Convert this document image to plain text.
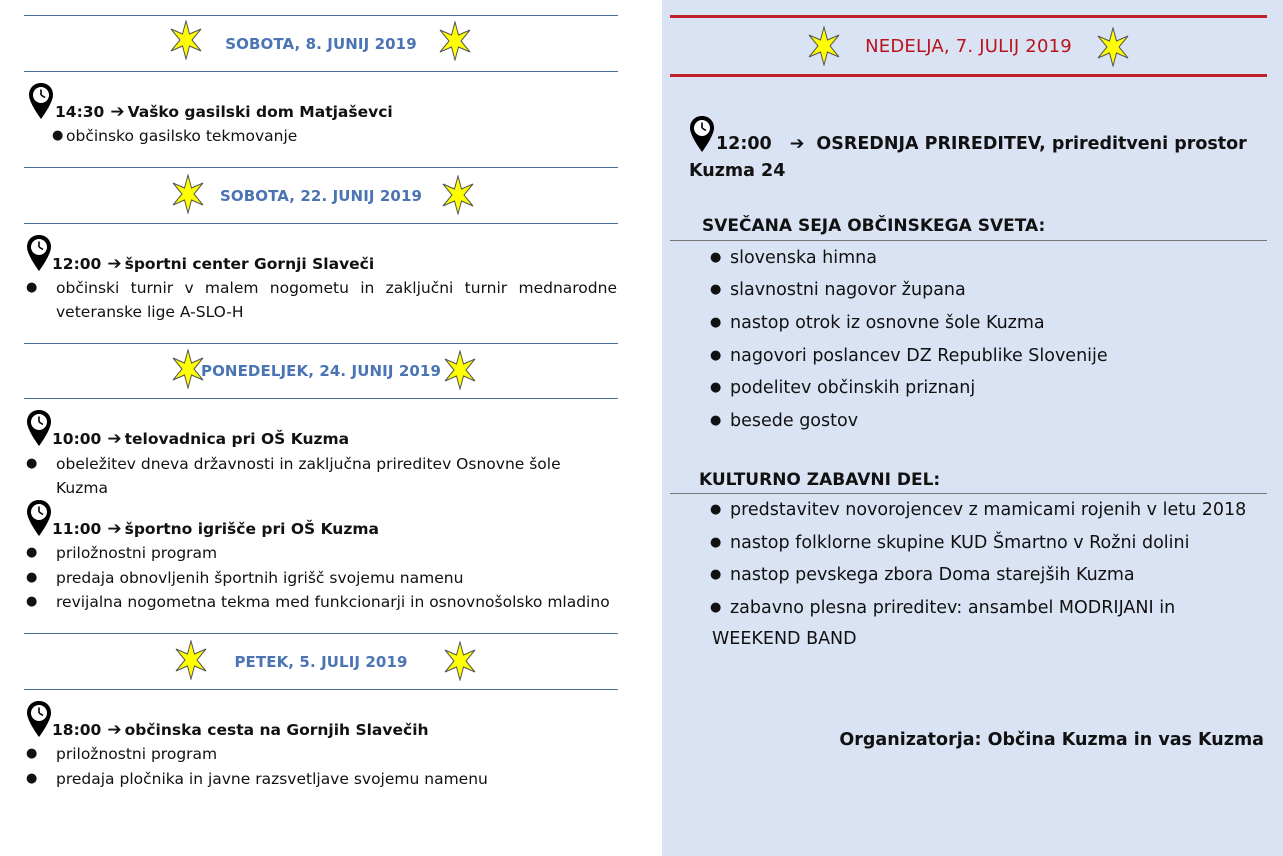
SOBOTA, 8. JUNIJ 2019
14:30 ➔ Vaško gasilski dom Matjaševci
● občinsko gasilsko tekmovanje
SOBOTA, 22. JUNIJ 2019
12:00 ➔ športni center Gornji Slaveči
● občinski turnir v malem nogometu in zaključni turnir mednarodne veteranske lige A-SLO-H
PONEDELJEK, 24. JUNIJ 2019
10:00 ➔ telovadnica pri OŠ Kuzma
● obeležitev dneva državnosti in zaključna prireditev Osnovne šole Kuzma
11:00 ➔ športno igrišče pri OŠ Kuzma
● priložnostni program
● predaja obnovljenih športnih igrišč svojemu namenu
● revijalna nogometna tekma med funkcionarji in osnovnošolsko mladino
PETEK, 5. JULIJ 2019
18:00 ➔ občinska cesta na Gornjih Slavečih
● priložnostni program
● predaja pločnika in javne razsvetljave svojemu namenu
NEDELJA, 7. JULIJ 2019
12:00 ➔ OSREDNJA PRIREDITEV, prireditveni prostor
Kuzma 24
SVEČANA SEJA OBČINSKEGA SVETA:
● slovenska himna
● slavnostni nagovor župana
● nastop otrok iz osnovne šole Kuzma
● nagovori poslancev DZ Republike Slovenije
● podelitev občinskih priznanj
● besede gostov
KULTURNO ZABAVNI DEL:
● predstavitev novorojencev z mamicami rojenih v letu 2018
● nastop folklorne skupine KUD Šmartno v Rožni dolini
● nastop pevskega zbora Doma starejših Kuzma
● zabavno plesna prireditev: ansambel MODRIJANI in
WEEKEND BAND
Organizatorja: Občina Kuzma in vas Kuzma
